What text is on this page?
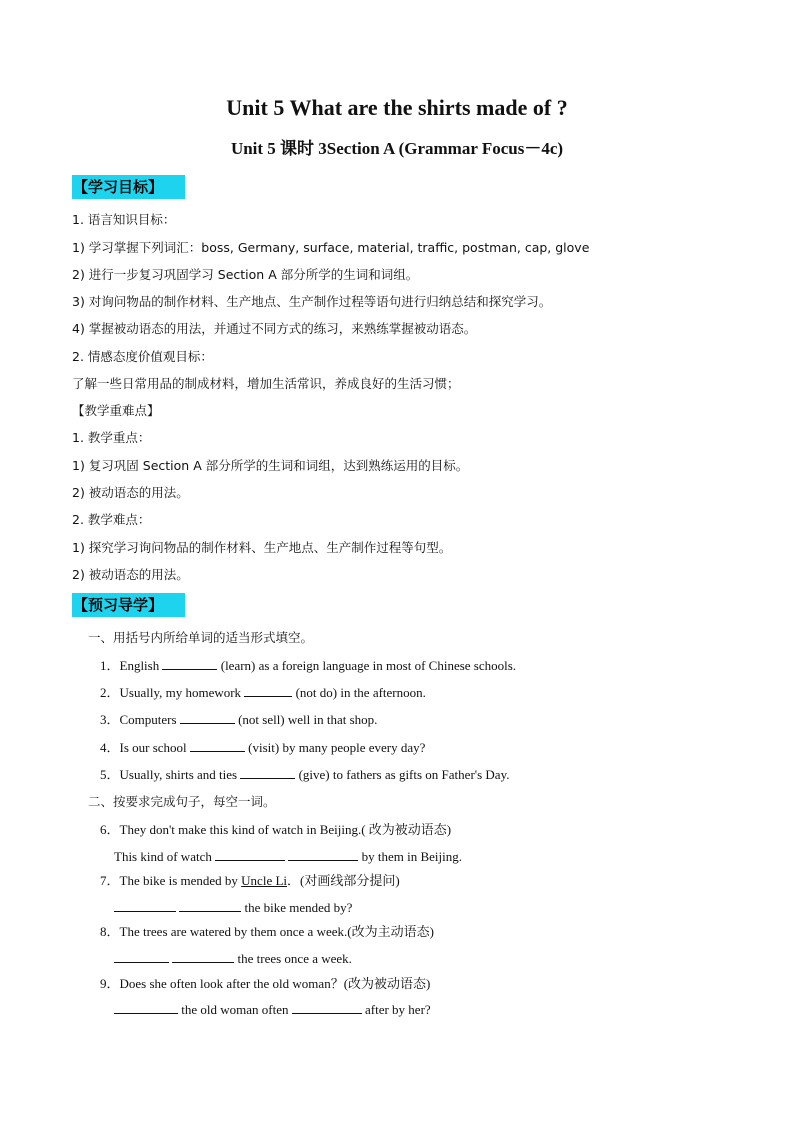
Unit 5 What are the shirts made of ?
Unit 5 课时 3Section A (Grammar Focus－4c)
【学习目标】
1. 语言知识目标：
1) 学习掌握下列词汇：boss, Germany, surface, material, traffic, postman, cap, glove
2) 进行一步复习巩固学习 Section A 部分所学的生词和词组。
3) 对询问物品的制作材料、生产地点、生产制作过程等语句进行归纳总结和探究学习。
4) 掌握被动语态的用法，并通过不同方式的练习，来熟练掌握被动语态。
2. 情感态度价值观目标：
了解一些日常用品的制成材料，增加生活常识，养成良好的生活习惯；
【教学重难点】
1. 教学重点：
1) 复习巩固 Section A 部分所学的生词和词组，达到熟练运用的目标。
2) 被动语态的用法。
2. 教学难点：
1) 探究学习询问物品的制作材料、生产地点、生产制作过程等句型。
2) 被动语态的用法。
【预习导学】
一、用括号内所给单词的适当形式填空。
1．English	(learn) as a foreign language in most of Chinese schools.
2．Usually, my homework	(not do) in the afternoon.
3．Computers	(not sell) well in that shop.
4．Is our school	(visit) by many people every day?
5．Usually, shirts and ties	(give) to fathers as gifts on Father's Day.
二、按要求完成句子，每空一词。
6．They don't make this kind of watch in Beijing.( 改为被动语态)
This kind of watch	by them in Beijing.
7．The bike is mended by Uncle Li．(对画线部分提问)
the bike mended by?
8．The trees are watered by them once a week.(改为主动语态)
the trees once a week.
9．Does she often look after the old woman？(改为被动语态)
the old woman often	after by her?
